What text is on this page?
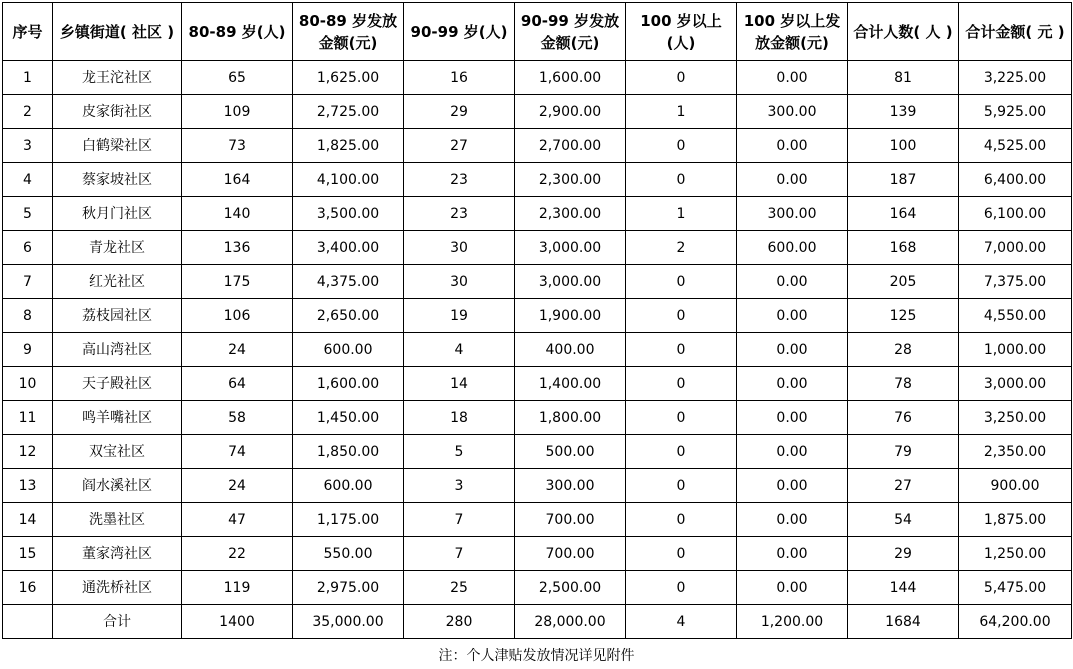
序号	乡镇街道( 社区 )	80-89 岁(人)	80-89 岁发放金额(元)	90-99 岁(人)	90-99 岁发放金额(元)	100 岁以上(人)	100 岁以上发放金额(元)	合计人数( 人 )	合计金额( 元 )
1	龙王沱社区	65	1,625.00	16	1,600.00	0	0.00	81	3,225.00
2	皮家街社区	109	2,725.00	29	2,900.00	1	300.00	139	5,925.00
3	白鹤梁社区	73	1,825.00	27	2,700.00	0	0.00	100	4,525.00
4	蔡家坡社区	164	4,100.00	23	2,300.00	0	0.00	187	6,400.00
5	秋月门社区	140	3,500.00	23	2,300.00	1	300.00	164	6,100.00
6	青龙社区	136	3,400.00	30	3,000.00	2	600.00	168	7,000.00
7	红光社区	175	4,375.00	30	3,000.00	0	0.00	205	7,375.00
8	荔枝园社区	106	2,650.00	19	1,900.00	0	0.00	125	4,550.00
9	高山湾社区	24	600.00	4	400.00	0	0.00	28	1,000.00
10	天子殿社区	64	1,600.00	14	1,400.00	0	0.00	78	3,000.00
11	鸣羊嘴社区	58	1,450.00	18	1,800.00	0	0.00	76	3,250.00
12	双宝社区	74	1,850.00	5	500.00	0	0.00	79	2,350.00
13	阎水溪社区	24	600.00	3	300.00	0	0.00	27	900.00
14	洗墨社区	47	1,175.00	7	700.00	0	0.00	54	1,875.00
15	董家湾社区	22	550.00	7	700.00	0	0.00	29	1,250.00
16	通洗桥社区	119	2,975.00	25	2,500.00	0	0.00	144	5,475.00
	合计	1400	35,000.00	280	28,000.00	4	1,200.00	1684	64,200.00
注：个人津贴发放情况详见附件
